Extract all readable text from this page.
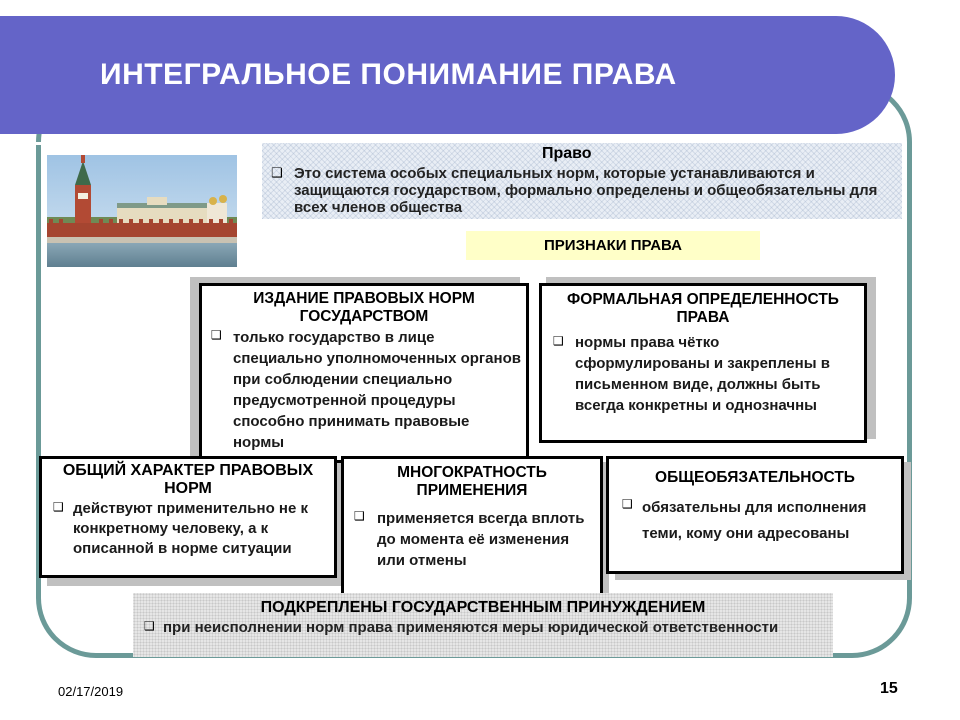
ИНТЕГРАЛЬНОЕ ПОНИМАНИЕ ПРАВА
Право
❑ Это система особых специальных норм, которые устанавливаются и защищаются государством, формально определены и общеобязательны для всех членов общества
ПРИЗНАКИ ПРАВА
ИЗДАНИЕ ПРАВОВЫХ НОРМ ГОСУДАРСТВОМ
❑ только государство в лице специально уполномоченных органов при соблюдении специально предусмотренной процедуры способно принимать правовые нормы
ФОРМАЛЬНАЯ ОПРЕДЕЛЕННОСТЬ ПРАВА
❑ нормы права чётко сформулированы и закреплены в письменном виде, должны быть всегда конкретны и однозначны
ОБЩИЙ ХАРАКТЕР ПРАВОВЫХ НОРМ
❑ действуют применительно не к конкретному человеку, а к описанной в норме ситуации
МНОГОКРАТНОСТЬ ПРИМЕНЕНИЯ
❑ применяется всегда вплоть до момента её изменения или отмены
ОБЩЕОБЯЗАТЕЛЬНОСТЬ
❑ обязательны для исполнения теми, кому они адресованы
ПОДКРЕПЛЕНЫ ГОСУДАРСТВЕННЫМ ПРИНУЖДЕНИЕМ
❑ при неисполнении норм права применяются меры юридической ответственности
02/17/2019	15
